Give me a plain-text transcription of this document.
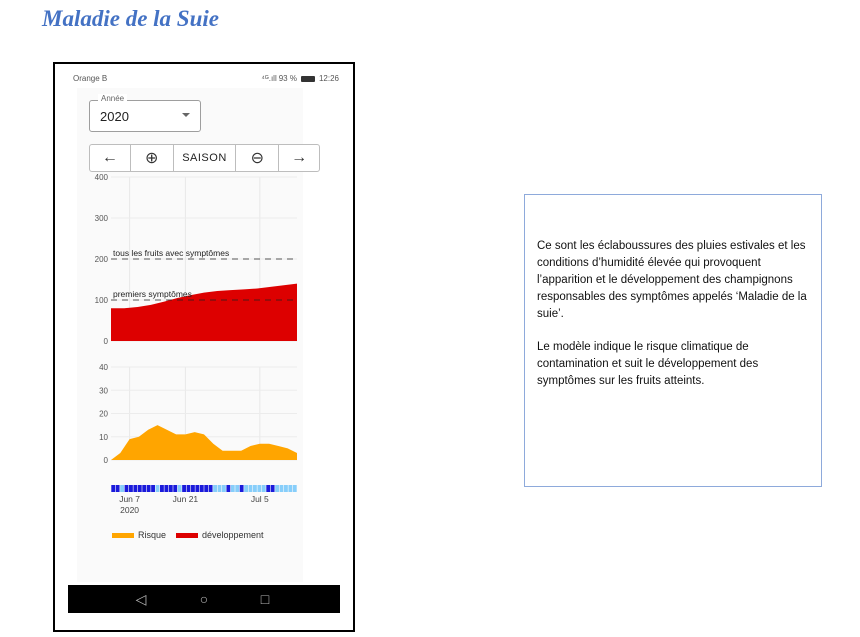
Maladie de la Suie
Orange B	⁴ᴳ.ıll 93 %	12:26
Année
2020
← ⊕	SAISON	⊖ →
400
300
200
100
0
tous les fruits avec symptômes
premiers symptômes
40
30
20
10
0
Jun 7	Jun 21	Jul 5
2020
Risque	développement
◁	○	□

Ce sont les éclaboussures des pluies estivales et les conditions d’humidité élevée qui provoquent l’apparition et le développement des champignons responsables des symptômes appelés ‘Maladie de la suie’.

Le modèle indique le risque climatique de contamination et suit le développement des symptômes sur les fruits atteints.
